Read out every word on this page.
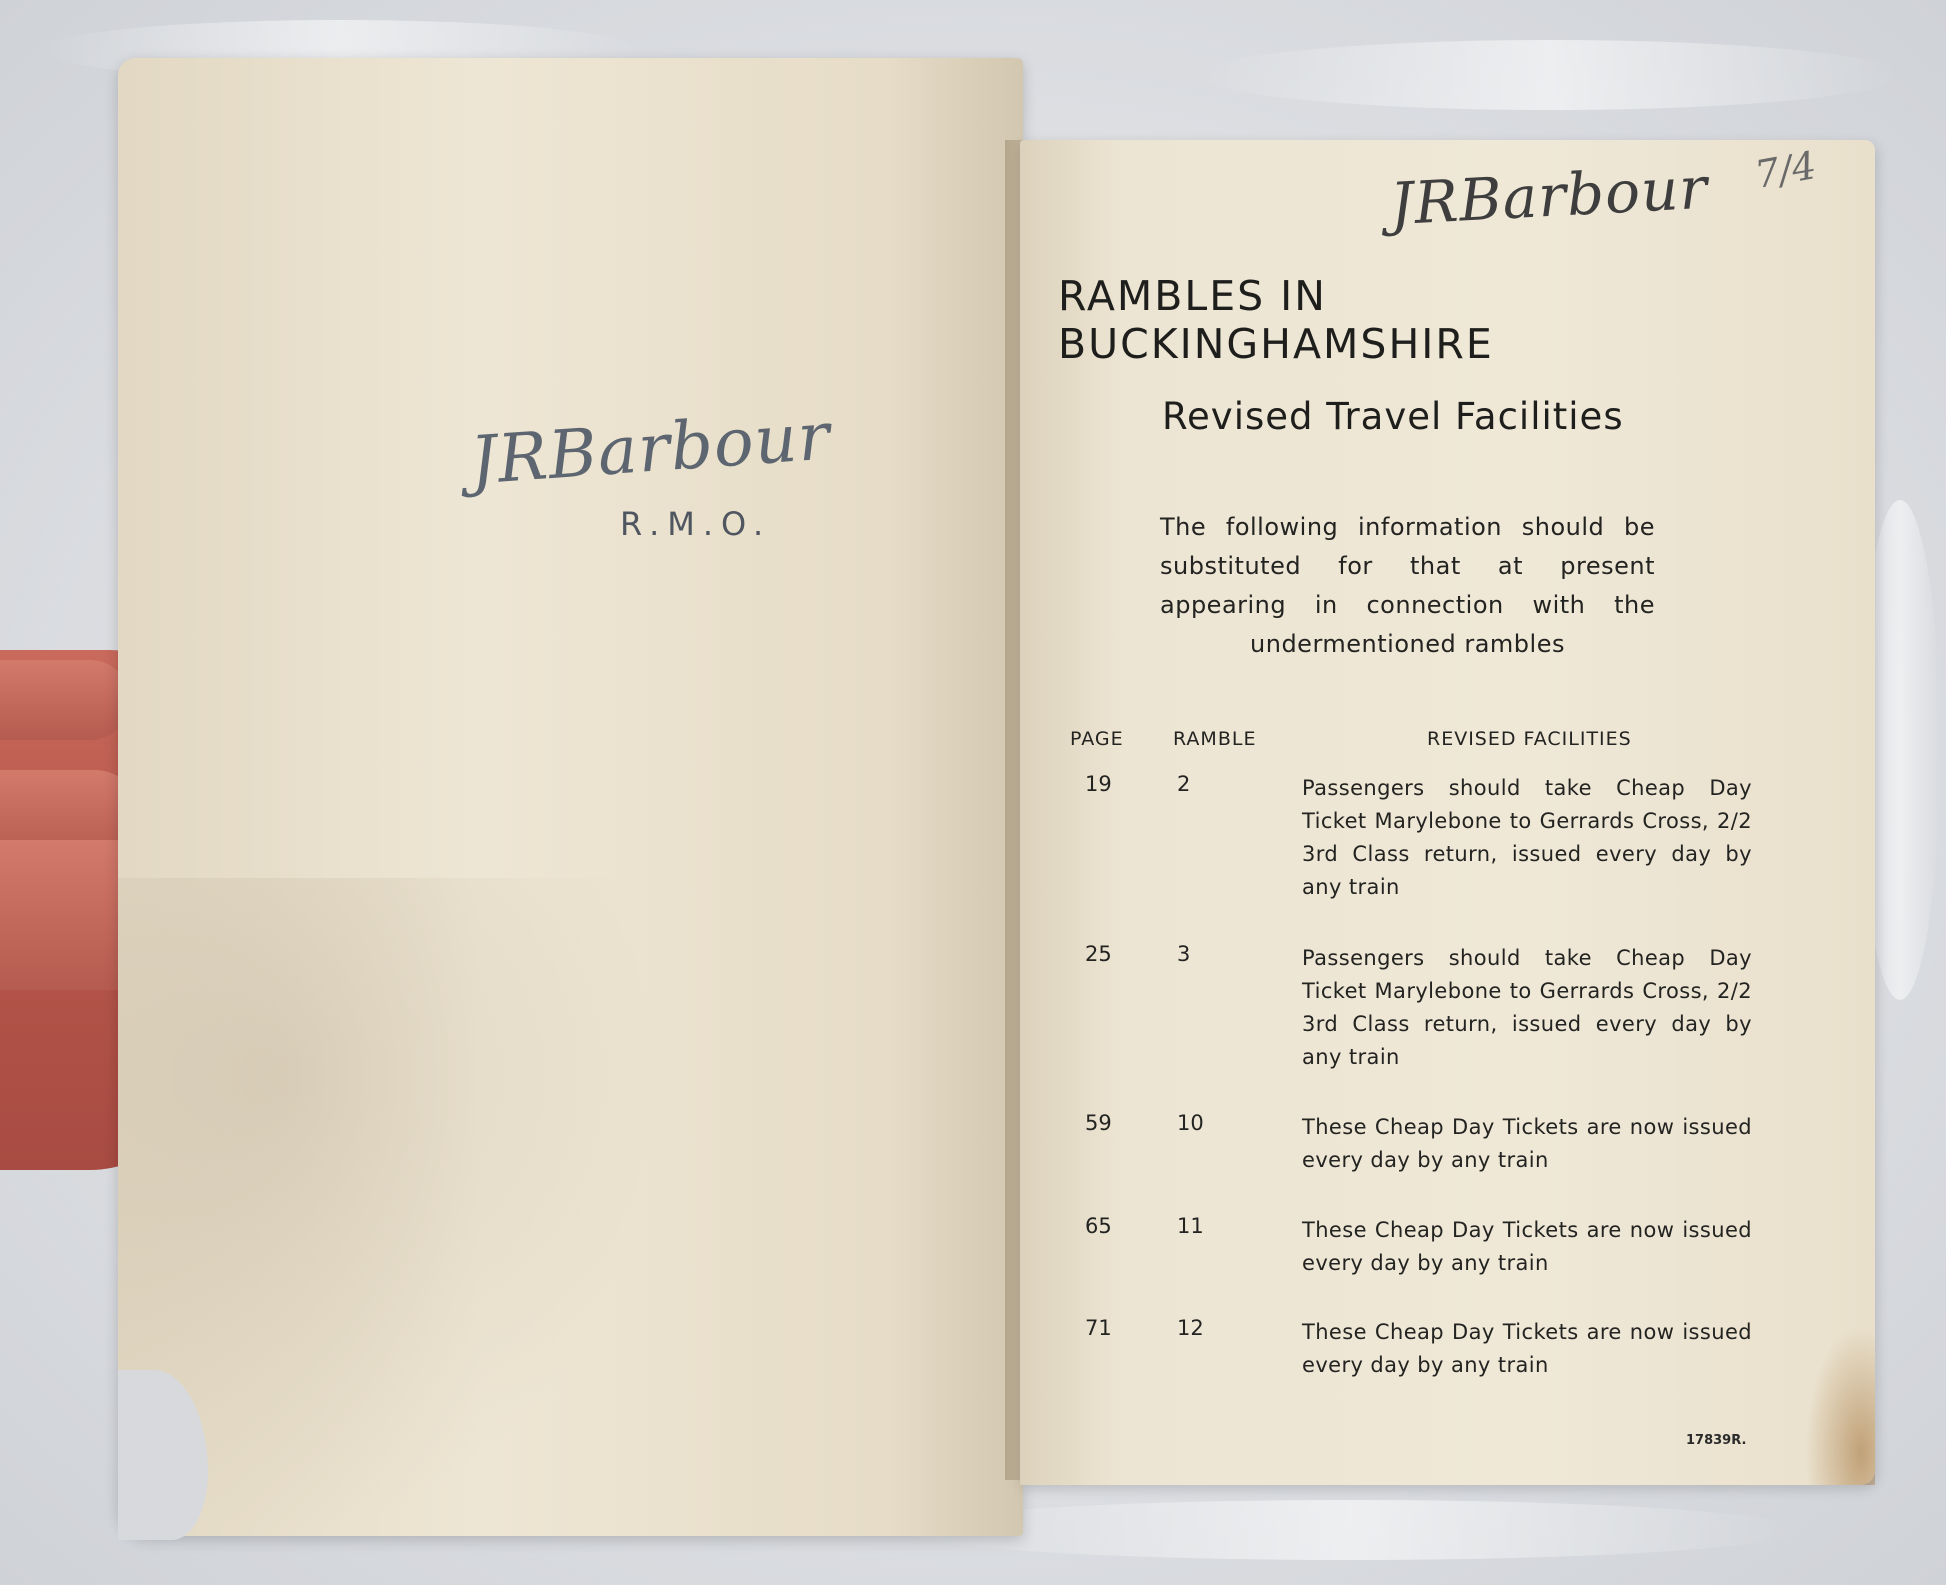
JRBarbour
R.M.O.
7/4
JRBarbour
RAMBLES IN BUCKINGHAMSHIRE
Revised Travel Facilities
The following information should be substituted for that at present appearing in connection with the undermentioned rambles
PAGE	RAMBLE	REVISED FACILITIES
19	2	Passengers should take Cheap Day Ticket Marylebone to Gerrards Cross, 2/2 3rd Class return, issued every day by any train
25	3	Passengers should take Cheap Day Ticket Marylebone to Gerrards Cross, 2/2 3rd Class return, issued every day by any train
59	10	These Cheap Day Tickets are now issued every day by any train
65	11	These Cheap Day Tickets are now issued every day by any train
71	12	These Cheap Day Tickets are now issued every day by any train
17839R.
